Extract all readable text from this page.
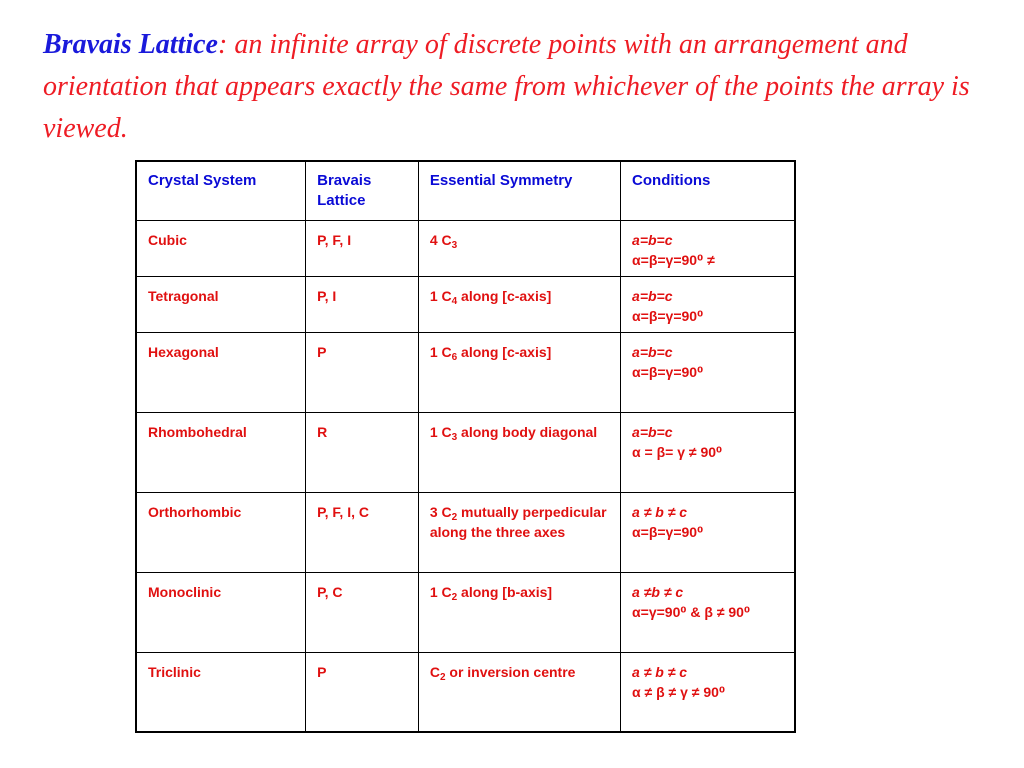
Bravais Lattice: an infinite array of discrete points with an arrangement and orientation that appears exactly the same from whichever of the points the array is viewed.

Crystal System	Bravais Lattice	Essential Symmetry	Conditions
Cubic	P, F, I	4 $C_3$	a=b=c
α=β=γ=90⁰ ≠

Tetragonal	P, I	1 $C_4$ along [c-axis]	a=b=c
α=β=γ=90⁰

Hexagonal	P	1 $C_6$ along [c-axis]	a=b=c
α=β=γ=90⁰

Rhombohedral	R	1 $C_3$ along body diagonal	a=b=c
α = β= γ ≠ 90⁰

Orthorhombic	P, F, I, C	3 $C_2$ mutually perpedicular along the three axes	a ≠ b ≠ c
α=β=γ=90⁰

Monoclinic	P, C	1 $C_2$ along [b-axis]	a ≠b ≠ c
α=γ=90⁰ & β ≠ 90⁰

Triclinic	P	$C_2$ or inversion centre	a ≠ b ≠ c
α ≠ β ≠ γ ≠ 90⁰
